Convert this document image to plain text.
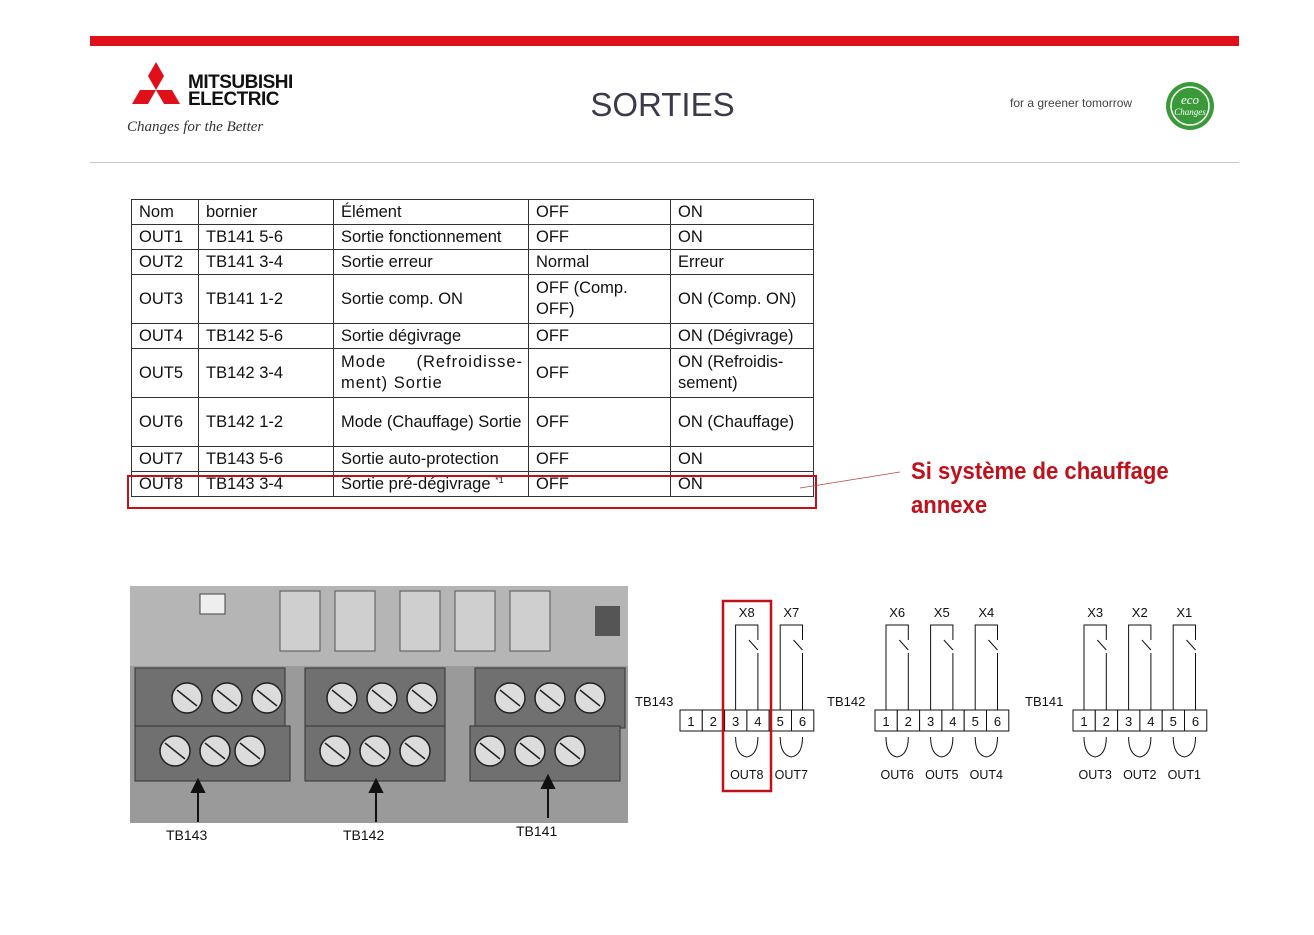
MITSUBISHI
ELECTRIC
Changes for the Better
SORTIES	for a greener tomorrow	eco
Changes
Nom	bornier	Élément	OFF	ON
OUT1	TB141 5-6	Sortie fonctionnement	OFF	ON
OUT2	TB141 3-4	Sortie erreur	Normal	Erreur
OUT3	TB141 1-2	Sortie comp. ON	OFF (Comp. OFF)	ON (Comp. ON)
OUT4	TB142 5-6	Sortie dégivrage	OFF	ON (Dégivrage)
OUT5	TB142 3-4	Mode (Refroidisse-ment) Sortie	OFF	ON (Refroidis-sement)
OUT6	TB142 1-2	Mode (Chauffage) Sortie	OFF	ON (Chauffage)
OUT7	TB143 5-6	Sortie auto-protection	OFF	ON
OUT8	TB143 3-4	Sortie pré-dégivrage $^{*1}$	OFF	ON	Si système de chauffage annexe
TB143	TB142	TB141
TB143
1 2 3 4 5 6
X8
OUT8
X7
OUT7
TB142
1 2 3 4 5 6
X6
OUT6
X5
OUT5
X4
OUT4
TB141
1 2 3 4 5 6
X3
OUT3
X2
OUT2
X1
OUT1
